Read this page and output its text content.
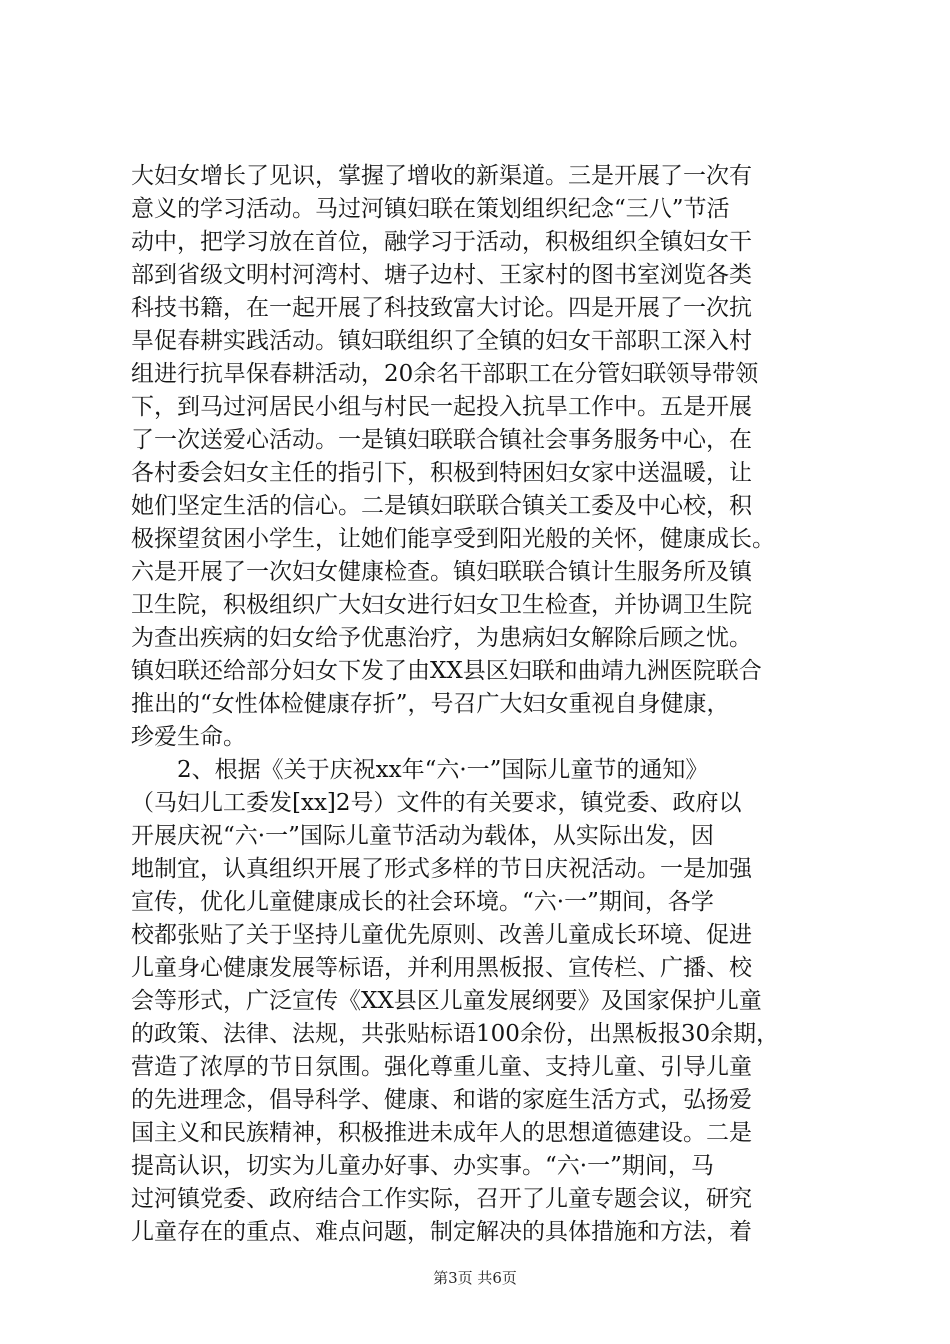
大妇女增长了见识，掌握了增收的新渠道。三是开展了一次有
意义的学习活动。马过河镇妇联在策划组织纪念“三八”节活
动中，把学习放在首位，融学习于活动，积极组织全镇妇女干
部到省级文明村河湾村、塘子边村、王家村的图书室浏览各类
科技书籍，在一起开展了科技致富大讨论。四是开展了一次抗
旱促春耕实践活动。镇妇联组织了全镇的妇女干部职工深入村
组进行抗旱保春耕活动，20余名干部职工在分管妇联领导带领
下，到马过河居民小组与村民一起投入抗旱工作中。五是开展
了一次送爱心活动。一是镇妇联联合镇社会事务服务中心，在
各村委会妇女主任的指引下，积极到特困妇女家中送温暖，让
她们坚定生活的信心。二是镇妇联联合镇关工委及中心校，积
极探望贫困小学生，让她们能享受到阳光般的关怀，健康成长。
六是开展了一次妇女健康检查。镇妇联联合镇计生服务所及镇
卫生院，积极组织广大妇女进行妇女卫生检查，并协调卫生院
为查出疾病的妇女给予优惠治疗，为患病妇女解除后顾之忧。
镇妇联还给部分妇女下发了由XX县区妇联和曲靖九洲医院联合
推出的“女性体检健康存折”，号召广大妇女重视自身健康，
珍爱生命。
　　2、根据《关于庆祝xx年“六·一”国际儿童节的通知》
（马妇儿工委发[xx]2号）文件的有关要求，镇党委、政府以
开展庆祝“六·一”国际儿童节活动为载体，从实际出发，因
地制宜，认真组织开展了形式多样的节日庆祝活动。一是加强
宣传，优化儿童健康成长的社会环境。“六·一”期间，各学
校都张贴了关于坚持儿童优先原则、改善儿童成长环境、促进
儿童身心健康发展等标语，并利用黑板报、宣传栏、广播、校
会等形式，广泛宣传《XX县区儿童发展纲要》及国家保护儿童
的政策、法律、法规，共张贴标语100余份，出黑板报30余期，
营造了浓厚的节日氛围。强化尊重儿童、支持儿童、引导儿童
的先进理念，倡导科学、健康、和谐的家庭生活方式，弘扬爱
国主义和民族精神，积极推进未成年人的思想道德建设。二是
提高认识，切实为儿童办好事、办实事。“六·一”期间，马
过河镇党委、政府结合工作实际，召开了儿童专题会议，研究
儿童存在的重点、难点问题，制定解决的具体措施和方法，着
第3页 共6页
